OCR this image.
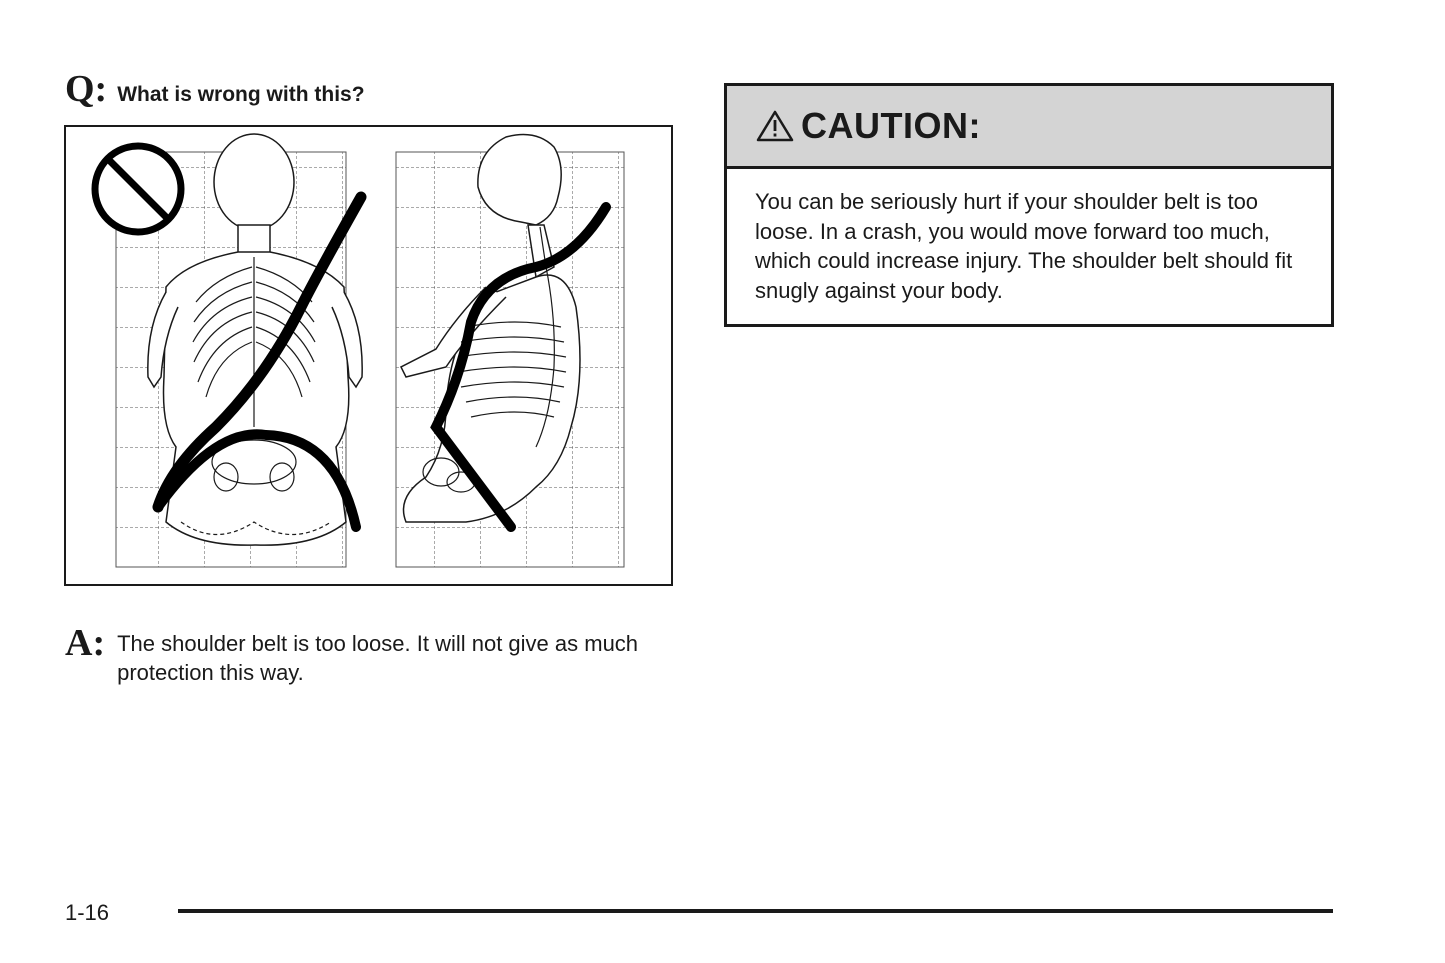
Q: What is wrong with this?
A: The shoulder belt is too loose. It will not give as much protection this way.
CAUTION:
You can be seriously hurt if your shoulder belt is too loose. In a crash, you would move forward too much, which could increase injury. The shoulder belt should fit snugly against your body.
1-16
